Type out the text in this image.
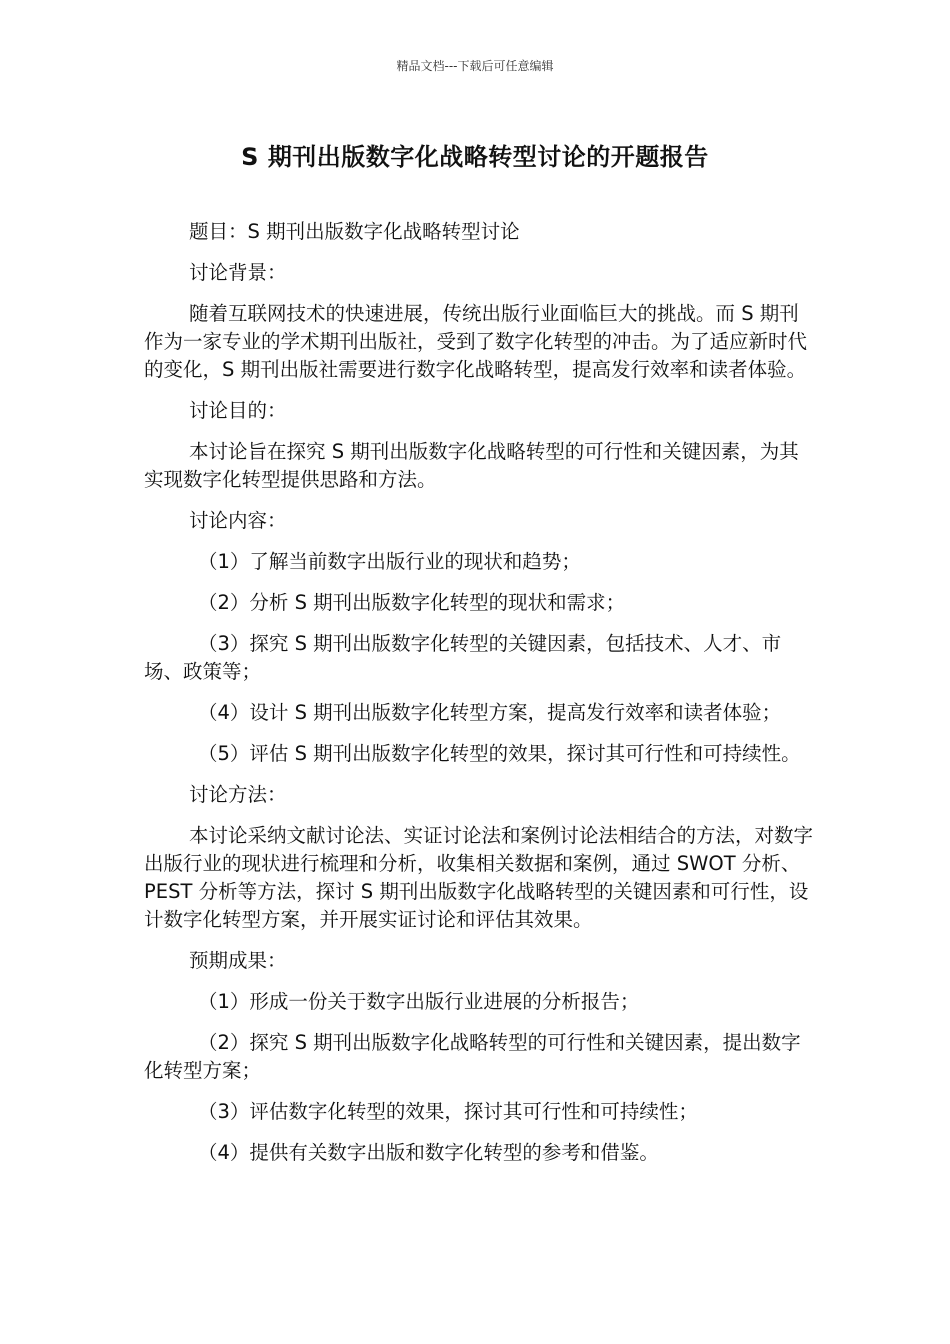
精品文档---下载后可任意编辑
S 期刊出版数字化战略转型讨论的开题报告

题目：S 期刊出版数字化战略转型讨论

讨论背景：

随着互联网技术的快速进展，传统出版行业面临巨大的挑战。而 S 期刊作为一家专业的学术期刊出版社，受到了数字化转型的冲击。为了适应新时代的变化，S 期刊出版社需要进行数字化战略转型，提高发行效率和读者体验。

讨论目的：

本讨论旨在探究 S 期刊出版数字化战略转型的可行性和关键因素，为其实现数字化转型提供思路和方法。

讨论内容：

（1）了解当前数字出版行业的现状和趋势；

（2）分析 S 期刊出版数字化转型的现状和需求；

（3）探究 S 期刊出版数字化转型的关键因素，包括技术、人才、市场、政策等；

（4）设计 S 期刊出版数字化转型方案，提高发行效率和读者体验；

（5）评估 S 期刊出版数字化转型的效果，探讨其可行性和可持续性。

讨论方法：

本讨论采纳文献讨论法、实证讨论法和案例讨论法相结合的方法，对数字出版行业的现状进行梳理和分析，收集相关数据和案例，通过 SWOT 分析、PEST 分析等方法，探讨 S 期刊出版数字化战略转型的关键因素和可行性，设计数字化转型方案，并开展实证讨论和评估其效果。

预期成果：

（1）形成一份关于数字出版行业进展的分析报告；

（2）探究 S 期刊出版数字化战略转型的可行性和关键因素，提出数字化转型方案；

（3）评估数字化转型的效果，探讨其可行性和可持续性；

（4）提供有关数字出版和数字化转型的参考和借鉴。
